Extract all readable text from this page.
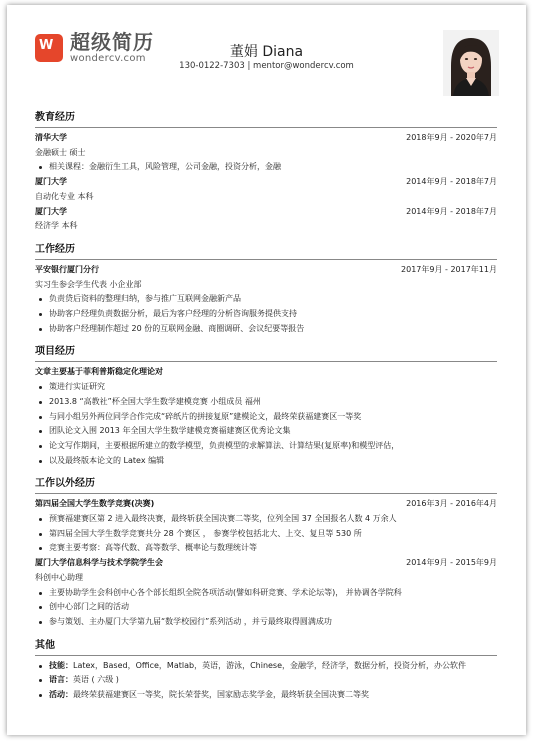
W 超级简历
wondercv.com	董娟 Diana
130-0122-7303 | mentor@wondercv.com
教育经历
清华大学	2018年9月 - 2020年7月
金融硕士 硕士
相关课程：金融衍生工具，风险管理，公司金融，投资分析，金融
厦门大学	2014年9月 - 2018年7月
自动化专业 本科
厦门大学	2014年9月 - 2018年7月
经济学 本科
工作经历
平安银行厦门分行	2017年9月 - 2017年11月
实习生参会学生代表 小企业部
负责贷后资料的整理归纳，参与推广互联网金融新产品
协助客户经理负责数据分析，最后为客户经理的分析咨询服务提供支持
协助客户经理制作超过 20 份的互联网金融、商圈调研、会议纪要等报告
项目经历
文章主要基于菲利普斯稳定化理论对
策进行实证研究
2013.8 “高教社”杯全国大学生数学建模竞赛 小组成员 福州
与同小组另外两位同学合作完成“碎纸片的拼接复原”建模论文，最终荣获福建赛区一等奖
团队论文入围 2013 年全国大学生数学建模竞赛福建赛区优秀论文集
论文写作期间，主要根据所建立的数学模型，负责模型的求解算法、计算结果(复原率)和模型评估，
以及最终版本论文的 Latex 编辑
工作以外经历
第四届全国大学生数学竞赛(决赛)	2016年3月 - 2016年4月
预赛福建赛区第 2 进入最终决赛，最终斩获全国决赛二等奖，位列全国 37 全国报名人数 4 万余人
第四届全国大学生数学竞赛共分 28 个赛区 ， 参赛学校包括北大、上交、复旦等 530 所
竞赛主要考察：高等代数、高等数学、概率论与数理统计等
厦门大学信息科学与技术学院学生会	2014年9月 - 2015年9月
科创中心助理
主要协助学生会科创中心各个部长组织全院各项活动(譬如科研竞赛、学术论坛等)， 并协调各学院科
创中心部门之间的活动
参与策划、主办厦门大学第九届“数学校园行”系列活动 ，并亏最终取得圆满成功
其他
技能：Latex，Based，Office，Matlab，英语，游泳，Chinese，金融学，经济学，数据分析，投资分析，办公软件
语言：英语 ( 六级 )
活动：最终荣获福建赛区一等奖，院长荣誉奖，国家励志奖学金，最终斩获全国决赛二等奖
